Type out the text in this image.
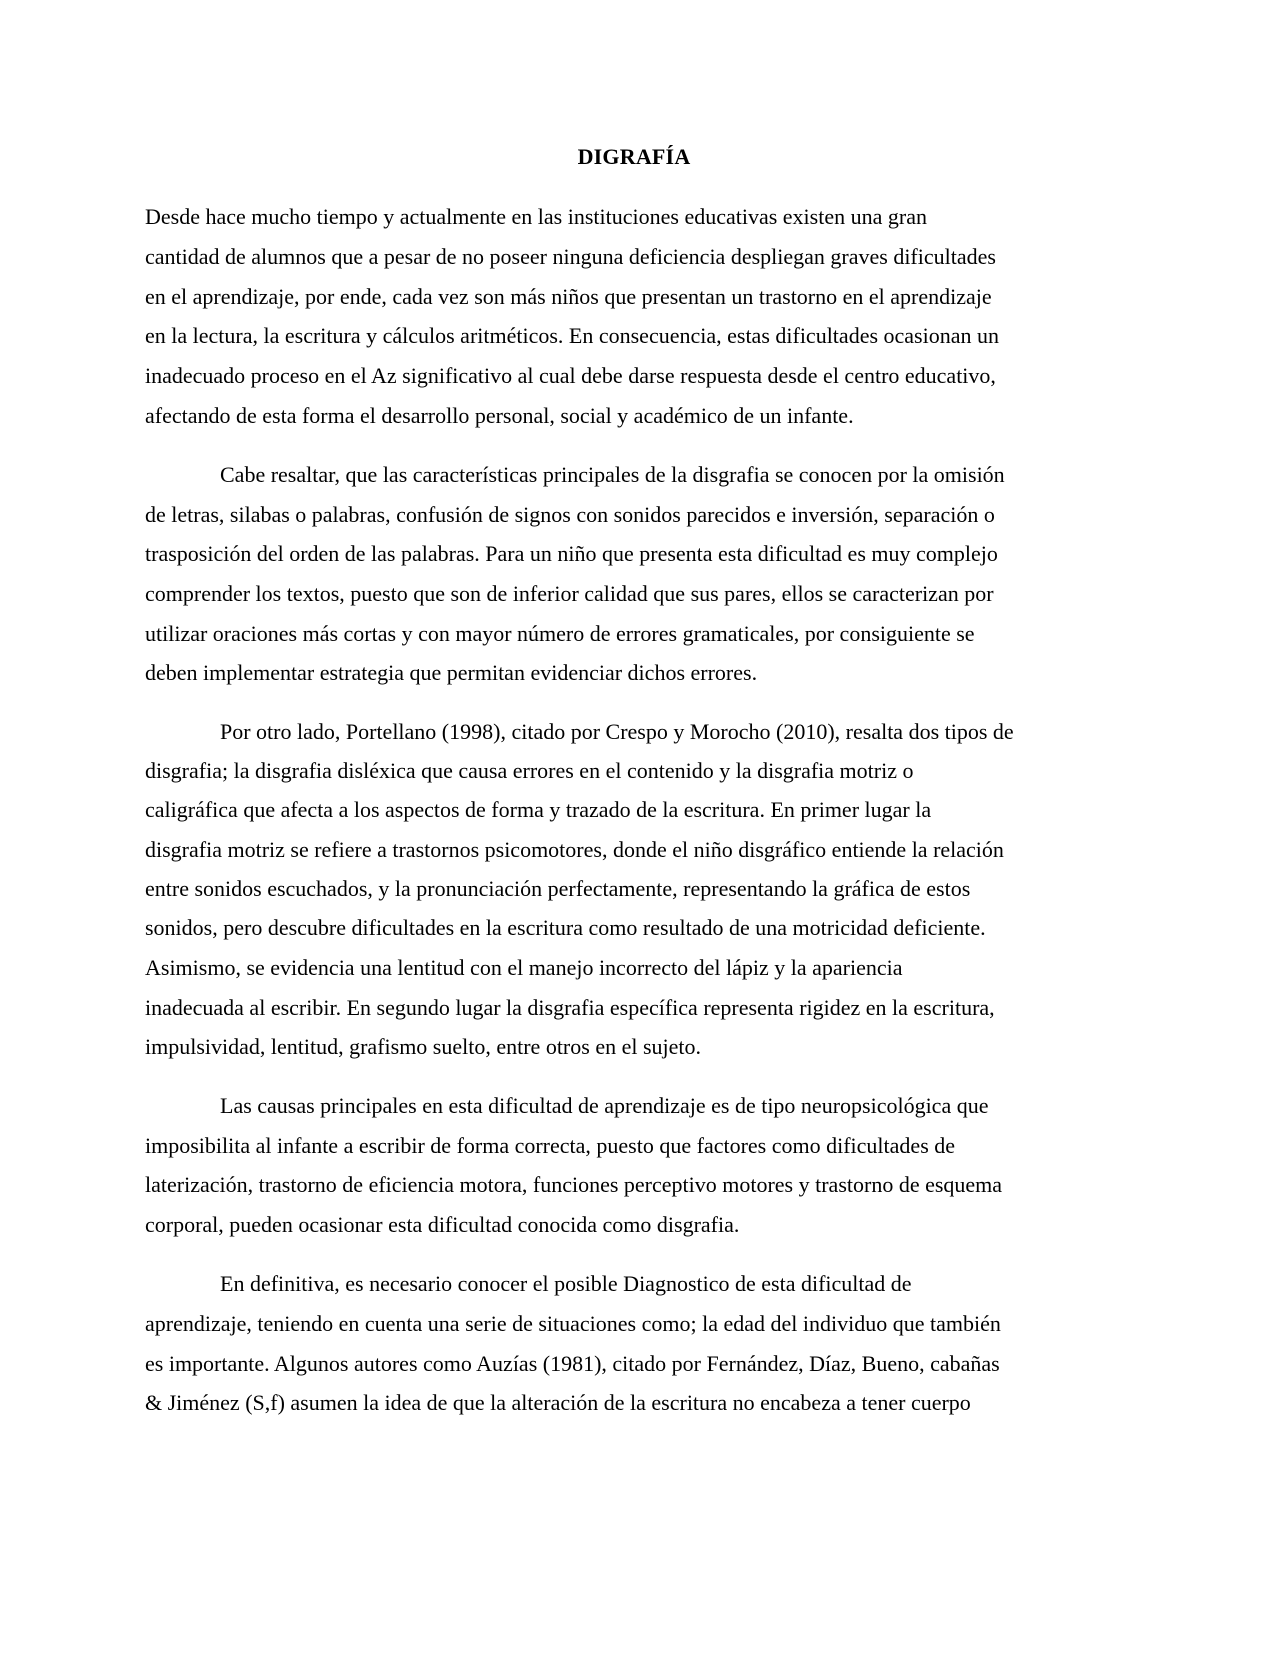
DIGRAFÍA
Desde hace mucho tiempo y actualmente en las instituciones educativas existen una gran
cantidad de alumnos que a pesar de no poseer ninguna deficiencia despliegan graves dificultades
en el aprendizaje, por ende, cada vez son más niños que presentan un trastorno en el aprendizaje
en la lectura, la escritura y cálculos aritméticos. En consecuencia, estas dificultades ocasionan un
inadecuado proceso en el Az significativo al cual debe darse respuesta desde el centro educativo,
afectando de esta forma el desarrollo personal, social y académico de un infante.
Cabe resaltar, que las características principales de la disgrafia se conocen por la omisión
de letras, silabas o palabras, confusión de signos con sonidos parecidos e inversión, separación o
trasposición del orden de las palabras. Para un niño que presenta esta dificultad es muy complejo
comprender los textos, puesto que son de inferior calidad que sus pares, ellos se caracterizan por
utilizar oraciones más cortas y con mayor número de errores gramaticales, por consiguiente se
deben implementar estrategia que permitan evidenciar dichos errores.
Por otro lado, Portellano (1998), citado por Crespo y Morocho (2010), resalta dos tipos de
disgrafia; la disgrafia disléxica que causa errores en el contenido y la disgrafia motriz o
caligráfica que afecta a los aspectos de forma y trazado de la escritura. En primer lugar la
disgrafia motriz se refiere a trastornos psicomotores, donde el niño disgráfico entiende la relación
entre sonidos escuchados, y la pronunciación perfectamente, representando la gráfica de estos
sonidos, pero descubre dificultades en la escritura como resultado de una motricidad deficiente.
Asimismo, se evidencia una lentitud con el manejo incorrecto del lápiz y la apariencia
inadecuada al escribir. En segundo lugar la disgrafia específica representa rigidez en la escritura,
impulsividad, lentitud, grafismo suelto, entre otros en el sujeto.
Las causas principales en esta dificultad de aprendizaje es de tipo neuropsicológica que
imposibilita al infante a escribir de forma correcta, puesto que factores como dificultades de
laterización, trastorno de eficiencia motora, funciones perceptivo motores y trastorno de esquema
corporal, pueden ocasionar esta dificultad conocida como disgrafia.
En definitiva, es necesario conocer el posible Diagnostico de esta dificultad de
aprendizaje, teniendo en cuenta una serie de situaciones como; la edad del individuo que también
es importante. Algunos autores como Auzías (1981), citado por Fernández, Díaz, Bueno, cabañas
& Jiménez (S,f) asumen la idea de que la alteración de la escritura no encabeza a tener cuerpo
